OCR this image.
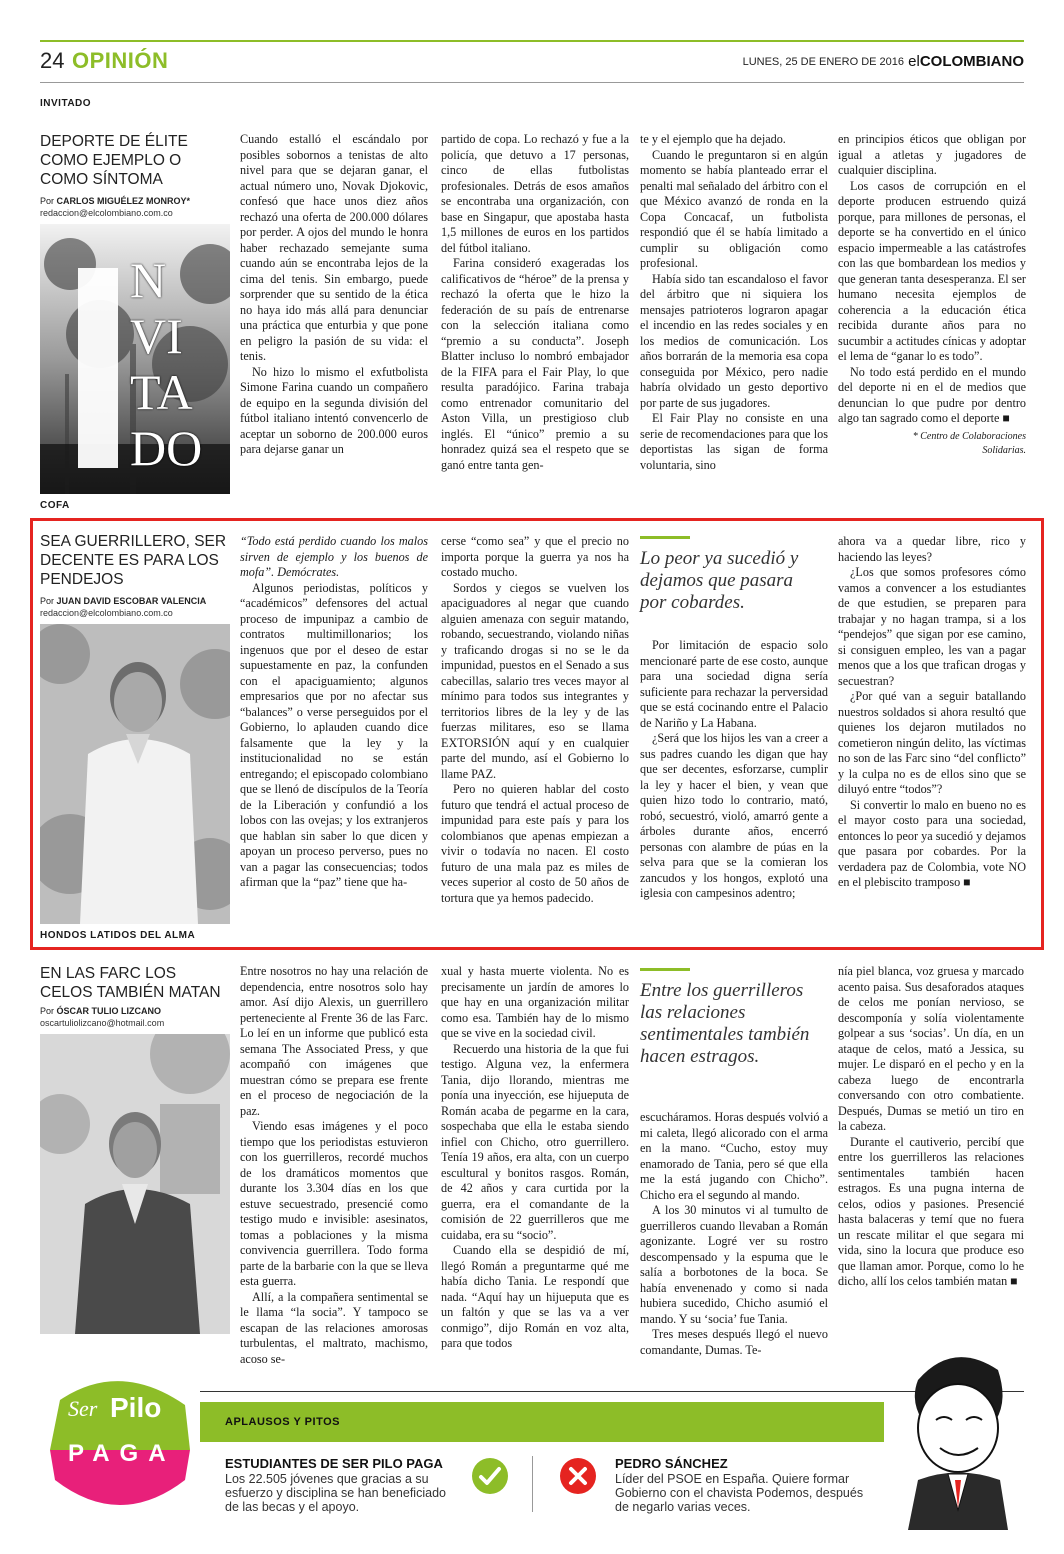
24 OPINIÓN	LUNES, 25 DE ENERO DE 2016 elCOLOMBIANO
INVITADO
DEPORTE DE ÉLITE COMO EJEMPLO O COMO SÍNTOMA
Por CARLOS MIGUÉLEZ MONROY*
redaccion@elcolombiano.com.co
N
VI
TA
DO
COFA

Cuando estalló el escándalo por posibles sobornos a tenistas de alto nivel para que se dejaran ganar, el actual número uno, Novak Djokovic, confesó que hace unos diez años rechazó una oferta de 200.000 dólares por perder. A ojos del mundo le honra haber rechazado semejante suma cuando aún se encontraba lejos de la cima del tenis. Sin embargo, puede sorprender que su sentido de la ética no haya ido más allá para denunciar una práctica que enturbia y que pone en peligro la pasión de su vida: el tenis.

No hizo lo mismo el exfutbolista Simone Farina cuando un compañero de equipo en la segunda división del fútbol italiano intentó convencerlo de aceptar un soborno de 200.000 euros para dejarse ganar un

partido de copa. Lo rechazó y fue a la policía, que detuvo a 17 personas, cinco de ellas futbolistas profesionales. Detrás de esos amaños se encontraba una organización, con base en Singapur, que apostaba hasta 1,5 millones de euros en los partidos del fútbol italiano.

Farina consideró exageradas los calificativos de “héroe” de la prensa y rechazó la oferta que le hizo la federación de su país de entrenarse con la selección italiana como “premio a su conducta”. Joseph Blatter incluso lo nombró embajador de la FIFA para el Fair Play, lo que resulta paradójico. Farina trabaja como entrenador comunitario del Aston Villa, un prestigioso club inglés. El “único” premio a su honradez quizá sea el respeto que se ganó entre tanta gen-

te y el ejemplo que ha dejado.

Cuando le preguntaron si en algún momento se había planteado errar el penalti mal señalado del árbitro con el que México avanzó de ronda en la Copa Concacaf, un futbolista respondió que él se había limitado a cumplir su obligación como profesional.

Había sido tan escandaloso el favor del árbitro que ni siquiera los mensajes patrioteros lograron apagar el incendio en las redes sociales y en los medios de comunicación. Los años borrarán de la memoria esa copa conseguida por México, pero nadie habría olvidado un gesto deportivo por parte de sus jugadores.

El Fair Play no consiste en una serie de recomendaciones para que los deportistas las sigan de forma voluntaria, sino

en principios éticos que obligan por igual a atletas y jugadores de cualquier disciplina.

Los casos de corrupción en el deporte producen estruendo quizá porque, para millones de personas, el deporte se ha convertido en el único espacio impermeable a las catástrofes con las que bombardean los medios y que generan tanta desesperanza. El ser humano necesita ejemplos de coherencia a la educación ética recibida durante años para no sucumbir a actitudes cínicas y adoptar el lema de “ganar lo es todo”.

No todo está perdido en el mundo del deporte ni en el de medios que denuncian lo que pudre por dentro algo tan sagrado como el deporte ■

* Centro de Colaboraciones
Solidarias.
SEA GUERRILLERO, SER DECENTE ES PARA LOS PENDEJOS
Por JUAN DAVID ESCOBAR VALENCIA
redaccion@elcolombiano.com.co
HONDOS LATIDOS DEL ALMA

“Todo está perdido cuando los malos sirven de ejemplo y los buenos de mofa”. Demócrates.

Algunos periodistas, políticos y “académicos” defensores del actual proceso de impunipaz a cambio de contratos multimillonarios; los ingenuos que por el deseo de estar supuestamente en paz, la confunden con el apaciguamiento; algunos empresarios que por no afectar sus “balances” o verse perseguidos por el Gobierno, lo aplauden cuando dice falsamente que la ley y la institucionalidad no se están entregando; el episcopado colombiano que se llenó de discípulos de la Teoría de la Liberación y confundió a los lobos con las ovejas; y los extranjeros que hablan sin saber lo que dicen y apoyan un proceso perverso, pues no van a pagar las consecuencias; todos afirman que la “paz” tiene que ha-

cerse “como sea” y que el precio no importa porque la guerra ya nos ha costado mucho.

Sordos y ciegos se vuelven los apaciguadores al negar que cuando alguien amenaza con seguir matando, robando, secuestrando, violando niñas y traficando drogas si no se le da impunidad, puestos en el Senado a sus cabecillas, salario tres veces mayor al mínimo para todos sus integrantes y territorios libres de la ley y de las fuerzas militares, eso se llama EXTORSIÓN aquí y en cualquier parte del mundo, así el Gobierno lo llame PAZ.

Pero no quieren hablar del costo futuro que tendrá el actual proceso de impunidad para este país y para los colombianos que apenas empiezan a vivir o todavía no nacen. El costo futuro de una mala paz es miles de veces superior al costo de 50 años de tortura que ya hemos padecido.

Lo peor ya sucedió y dejamos que pasara por cobardes.

Por limitación de espacio solo mencionaré parte de ese costo, aunque para una sociedad digna sería suficiente para rechazar la perversidad que se está cocinando entre el Palacio de Nariño y La Habana.

¿Será que los hijos les van a creer a sus padres cuando les digan que hay que ser decentes, esforzarse, cumplir la ley y hacer el bien, y vean que quien hizo todo lo contrario, mató, robó, secuestró, violó, amarró gente a árboles durante años, encerró personas con alambre de púas en la selva para que se la comieran los zancudos y los hongos, explotó una iglesia con campesinos adentro;

ahora va a quedar libre, rico y haciendo las leyes?

¿Los que somos profesores cómo vamos a convencer a los estudiantes de que estudien, se preparen para trabajar y no hagan trampa, si a los “pendejos” que sigan por ese camino, si consiguen empleo, les van a pagar menos que a los que trafican drogas y secuestran?

¿Por qué van a seguir batallando nuestros soldados si ahora resultó que quienes los dejaron mutilados no cometieron ningún delito, las víctimas no son de las Farc sino “del conflicto” y la culpa no es de ellos sino que se diluyó entre “todos”?

Si convertir lo malo en bueno no es el mayor costo para una sociedad, entonces lo peor ya sucedió y dejamos que pasara por cobardes. Por la verdadera paz de Colombia, vote NO en el plebiscito tramposo ■

EN LAS FARC LOS CELOS TAMBIÉN MATAN
Por ÓSCAR TULIO LIZCANO
oscartuliolizcano@hotmail.com

Entre nosotros no hay una relación de dependencia, entre nosotros solo hay amor. Así dijo Alexis, un guerrillero perteneciente al Frente 36 de las Farc. Lo leí en un informe que publicó esta semana The Associated Press, y que acompañó con imágenes que muestran cómo se prepara ese frente en el proceso de negociación de la paz.

Viendo esas imágenes y el poco tiempo que los periodistas estuvieron con los guerrilleros, recordé muchos de los dramáticos momentos que durante los 3.304 días en los que estuve secuestrado, presencié como testigo mudo e invisible: asesinatos, tomas a poblaciones y la misma convivencia guerrillera. Todo forma parte de la barbarie con la que se lleva esta guerra.

Allí, a la compañera sentimental se le llama “la socia”. Y tampoco se escapan de las relaciones amorosas turbulentas, el maltrato, machismo, acoso se-

xual y hasta muerte violenta. No es precisamente un jardín de amores lo que hay en una organización militar como esa. También hay de lo mismo que se vive en la sociedad civil.

Recuerdo una historia de la que fui testigo. Alguna vez, la enfermera Tania, dijo llorando, mientras me ponía una inyección, ese hijueputa de Román acaba de pegarme en la cara, sospechaba que ella le estaba siendo infiel con Chicho, otro guerrillero. Tenía 19 años, era alta, con un cuerpo escultural y bonitos rasgos. Román, de 42 años y cara curtida por la guerra, era el comandante de la comisión de 22 guerrilleros que me cuidaba, era su “socio”.

Cuando ella se despidió de mí, llegó Román a preguntarme qué me había dicho Tania. Le respondí que nada. “Aquí hay un hijueputa que es un faltón y que se las va a ver conmigo”, dijo Román en voz alta, para que todos

Entre los guerrilleros las relaciones sentimentales también hacen estragos.

escucháramos. Horas después volvió a mi caleta, llegó alicorado con el arma en la mano. “Cucho, estoy muy enamorado de Tania, pero sé que ella me la está jugando con Chicho”. Chicho era el segundo al mando.

A los 30 minutos vi al tumulto de guerrilleros cuando llevaban a Román agonizante. Logré ver su rostro descompensado y la espuma que le salía a borbotones de la boca. Se había envenenado y como si nada hubiera sucedido, Chicho asumió el mando. Y su ‘socia’ fue Tania.

Tres meses después llegó el nuevo comandante, Dumas. Te-

nía piel blanca, voz gruesa y marcado acento paisa. Sus desaforados ataques de celos me ponían nervioso, se descomponía y solía violentamente golpear a sus ‘socias’. Un día, en un ataque de celos, mató a Jessica, su mujer. Le disparó en el pecho y en la cabeza luego de encontrarla conversando con otro combatiente. Después, Dumas se metió un tiro en la cabeza.

Durante el cautiverio, percibí que entre los guerrilleros las relaciones sentimentales también hacen estragos. Es una pugna interna de celos, odios y pasiones. Presencié hasta balaceras y temí que no fuera un rescate militar el que segara mi vida, sino la locura que produce eso que llaman amor. Porque, como lo he dicho, allí los celos también matan ■

Ser Pilo
PAGA
APLAUSOS Y PITOS
ESTUDIANTES DE SER PILO PAGA
Los 22.505 jóvenes que gracias a su esfuerzo y disciplina se han beneficiado de las becas y el apoyo.
PEDRO SÁNCHEZ
Líder del PSOE en España. Quiere formar Gobierno con el chavista Podemos, después de negarlo varias veces.
